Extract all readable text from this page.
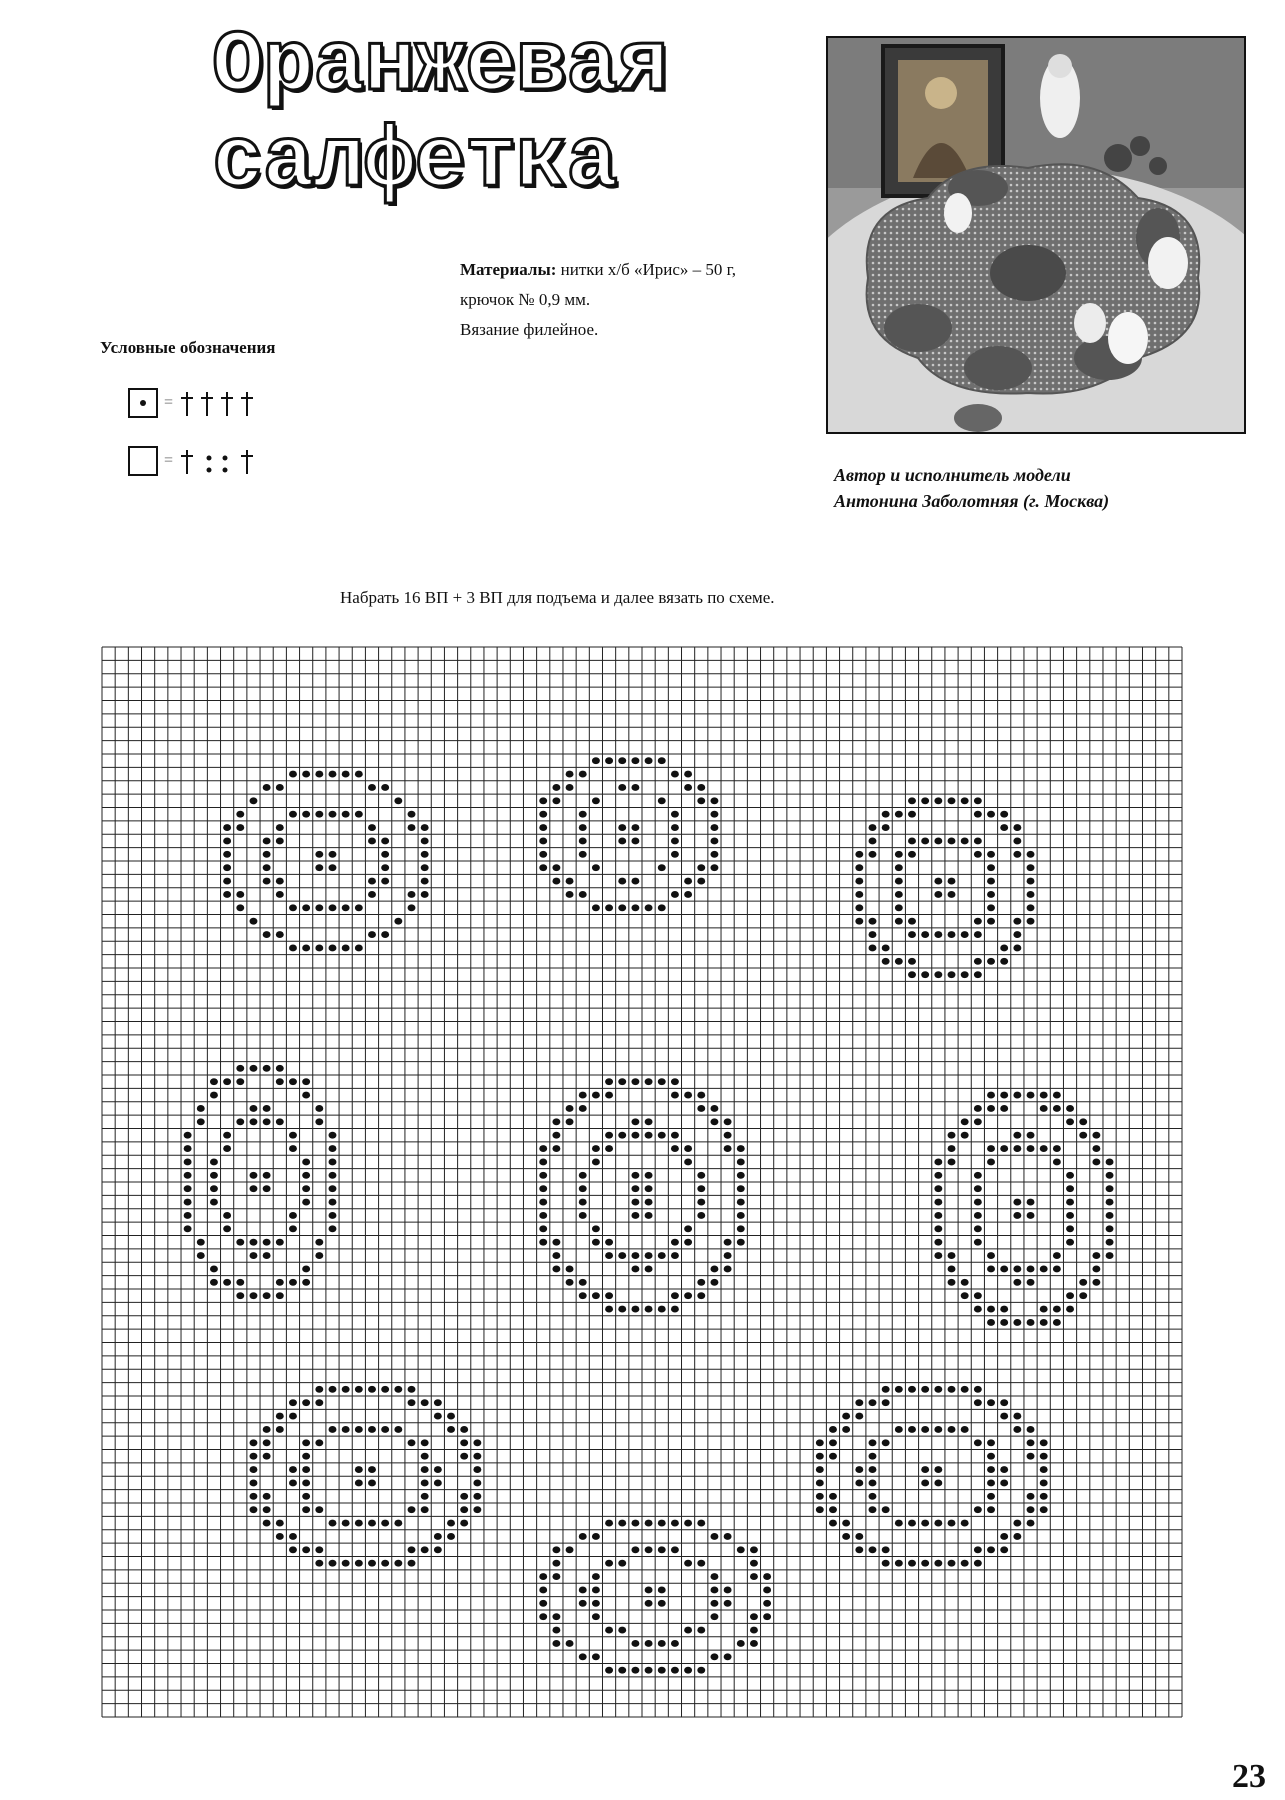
Оранжевая
салфетка

Материалы: нитки х/б «Ирис» – 50 г,

крючок № 0,9 мм.

Вязание филейное.

Условные обозначения
=
=
Автор и исполнитель модели
Антонина Заболотняя (г. Москва)
Набрать 16 ВП + 3 ВП для подъема и далее вязать по схеме.
23
